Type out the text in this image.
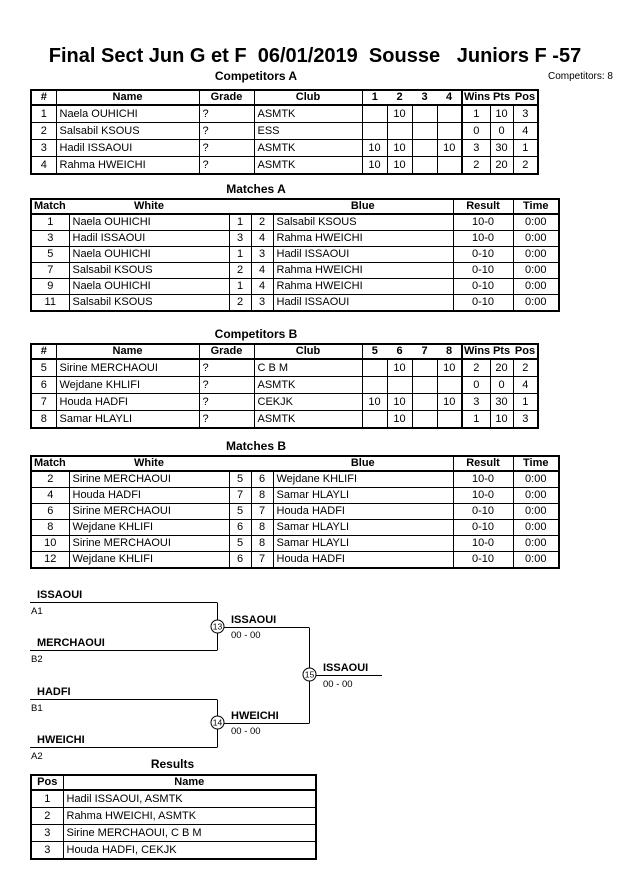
Final Sect Jun G et F  06/01/2019  Sousse   Juniors F -57
Competitors A	Competitors: 8
#	Name	Grade	Club	1	2	3	4	Wins	Pts	Pos
1	Naela OUHICHI	?	ASMTK		10			1	10	3
2	Salsabil KSOUS	?	ESS					0	0	4
3	Hadil ISSAOUI	?	ASMTK	10	10		10	3	30	1
4	Rahma HWEICHI	?	ASMTK	10	10			2	20	2
Matches A
Match	White			Blue	Result	Time
1	Naela OUHICHI	1	2	Salsabil KSOUS	10-0	0:00
3	Hadil ISSAOUI	3	4	Rahma HWEICHI	10-0	0:00
5	Naela OUHICHI	1	3	Hadil ISSAOUI	0-10	0:00
7	Salsabil KSOUS	2	4	Rahma HWEICHI	0-10	0:00
9	Naela OUHICHI	1	4	Rahma HWEICHI	0-10	0:00
11	Salsabil KSOUS	2	3	Hadil ISSAOUI	0-10	0:00
Competitors B
#	Name	Grade	Club	5	6	7	8	Wins	Pts	Pos
5	Sirine MERCHAOUI	?	C B M		10		10	2	20	2
6	Wejdane KHLIFI	?	ASMTK					0	0	4
7	Houda HADFI	?	CEKJK	10	10		10	3	30	1
8	Samar HLAYLI	?	ASMTK		10			1	10	3
Matches B
Match	White			Blue	Result	Time
2	Sirine MERCHAOUI	5	6	Wejdane KHLIFI	10-0	0:00
4	Houda HADFI	7	8	Samar HLAYLI	10-0	0:00
6	Sirine MERCHAOUI	5	7	Houda HADFI	0-10	0:00
8	Wejdane KHLIFI	6	8	Samar HLAYLI	0-10	0:00
10	Sirine MERCHAOUI	5	8	Samar HLAYLI	10-0	0:00
12	Wejdane KHLIFI	6	7	Houda HADFI	0-10	0:00
ISSAOUI
A1
MERCHAOUI
B2
ISSAOUI
00 - 00
13
HADFI
B1
HWEICHI
A2
HWEICHI
00 - 00
14
ISSAOUI
00 - 00
15
Results
Pos	Name
1	Hadil ISSAOUI, ASMTK
2	Rahma HWEICHI, ASMTK
3	Sirine MERCHAOUI, C B M
3	Houda HADFI, CEKJK
